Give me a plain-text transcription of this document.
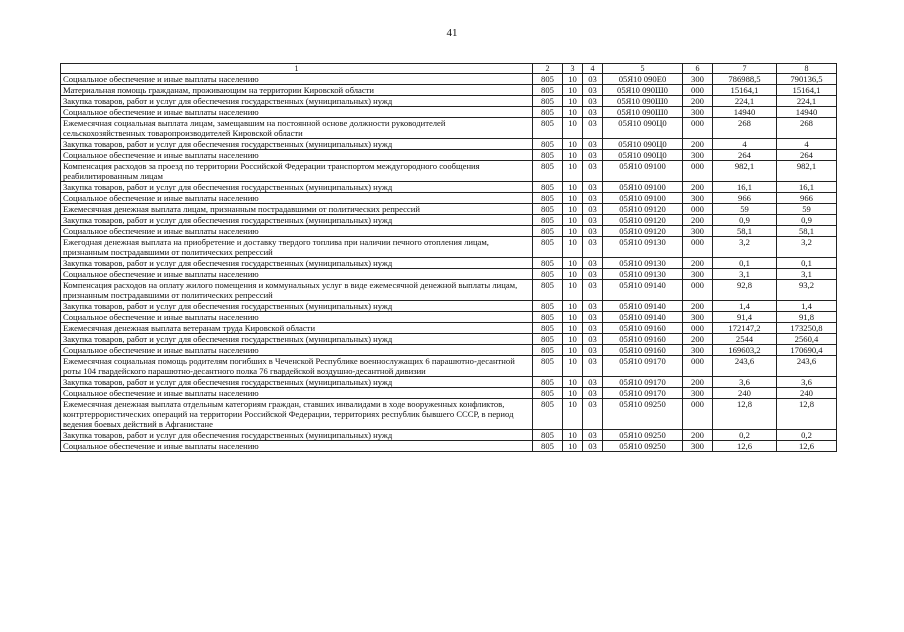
41
1	2	3	4	5	6	7	8
Социальное обеспечение и иные выплаты населению	805	10	03	05Я10 090Е0	300	786988,5	790136,5
Материальная помощь гражданам, проживающим на территории Кировской области	805	10	03	05Я10 090Ш0	000	15164,1	15164,1
Закупка товаров, работ и услуг для обеспечения государственных (муниципальных) нужд	805	10	03	05Я10 090Ш0	200	224,1	224,1
Социальное обеспечение и иные выплаты населению	805	10	03	05Я10 090Ш0	300	14940	14940
Ежемесячная социальная выплата лицам, замещавшим на постоянной основе должности руководителей сельскохозяйственных товаропроизводителей Кировской области	805	10	03	05Я10 090Ц0	000	268	268
Закупка товаров, работ и услуг для обеспечения государственных (муниципальных) нужд	805	10	03	05Я10 090Ц0	200	4	4
Социальное обеспечение и иные выплаты населению	805	10	03	05Я10 090Ц0	300	264	264
Компенсация расходов за проезд по территории Российской Федерации транспортом междугородного сообщения реабилитированным лицам	805	10	03	05Я10 09100	000	982,1	982,1
Закупка товаров, работ и услуг для обеспечения государственных (муниципальных) нужд	805	10	03	05Я10 09100	200	16,1	16,1
Социальное обеспечение и иные выплаты населению	805	10	03	05Я10 09100	300	966	966
Ежемесячная денежная выплата лицам, признанным пострадавшими от политических репрессий	805	10	03	05Я10 09120	000	59	59
Закупка товаров, работ и услуг для обеспечения государственных (муниципальных) нужд	805	10	03	05Я10 09120	200	0,9	0,9
Социальное обеспечение и иные выплаты населению	805	10	03	05Я10 09120	300	58,1	58,1
Ежегодная денежная выплата на приобретение и доставку твердого топлива при наличии печного отопления лицам, признанным пострадавшими от политических репрессий	805	10	03	05Я10 09130	000	3,2	3,2
Закупка товаров, работ и услуг для обеспечения государственных (муниципальных) нужд	805	10	03	05Я10 09130	200	0,1	0,1
Социальное обеспечение и иные выплаты населению	805	10	03	05Я10 09130	300	3,1	3,1
Компенсация расходов на оплату жилого помещения и коммунальных услуг в виде ежемесячной денежной выплаты лицам, признанным пострадавшими от политических репрессий	805	10	03	05Я10 09140	000	92,8	93,2
Закупка товаров, работ и услуг для обеспечения государственных (муниципальных) нужд	805	10	03	05Я10 09140	200	1,4	1,4
Социальное обеспечение и иные выплаты населению	805	10	03	05Я10 09140	300	91,4	91,8
Ежемесячная денежная выплата ветеранам труда Кировской области	805	10	03	05Я10 09160	000	172147,2	173250,8
Закупка товаров, работ и услуг для обеспечения государственных (муниципальных) нужд	805	10	03	05Я10 09160	200	2544	2560,4
Социальное обеспечение и иные выплаты населению	805	10	03	05Я10 09160	300	169603,2	170690,4
Ежемесячная социальная помощь родителям погибших в Чеченской Республике военнослужащих 6 парашютно-десантной роты 104 гвардейского парашютно-десантного полка 76 гвардейской воздушно-десантной дивизии	805	10	03	05Я10 09170	000	243,6	243,6
Закупка товаров, работ и услуг для обеспечения государственных (муниципальных) нужд	805	10	03	05Я10 09170	200	3,6	3,6
Социальное обеспечение и иные выплаты населению	805	10	03	05Я10 09170	300	240	240
Ежемесячная денежная выплата отдельным категориям граждан, ставших инвалидами в ходе вооруженных конфликтов, контртеррористических операций на территории Российской Федерации, территориях республик бывшего СССР, в период ведения боевых действий в Афганистане	805	10	03	05Я10 09250	000	12,8	12,8
Закупка товаров, работ и услуг для обеспечения государственных (муниципальных) нужд	805	10	03	05Я10 09250	200	0,2	0,2
Социальное обеспечение и иные выплаты населению	805	10	03	05Я10 09250	300	12,6	12,6
